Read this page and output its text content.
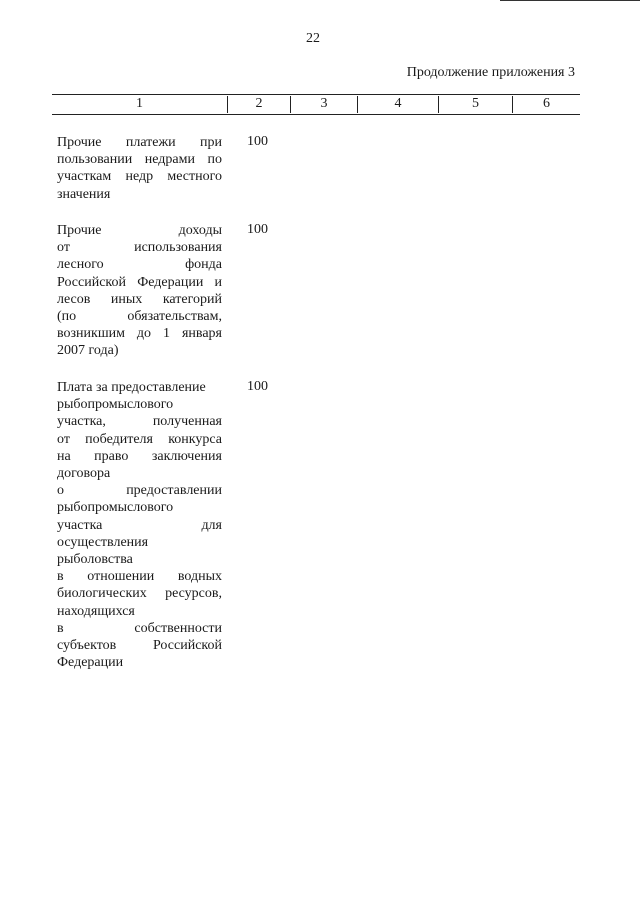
22
Продолжение приложения 3
1	2	3	4	5	6
Прочие платежи при
пользовании недрами по
участкам недр местного
значения
100
Прочие доходы
от использования
лесного фонда
Российской Федерации и
лесов иных категорий
(по обязательствам,
возникшим до 1 января
2007 года)
100
Плата за предоставление
рыбопромыслового
участка, полученная
от победителя конкурса
на право заключения
договора
о предоставлении
рыбопромыслового
участка для
осуществления
рыболовства
в отношении водных
биологических ресурсов,
находящихся
в собственности
субъектов Российской
Федерации
100
